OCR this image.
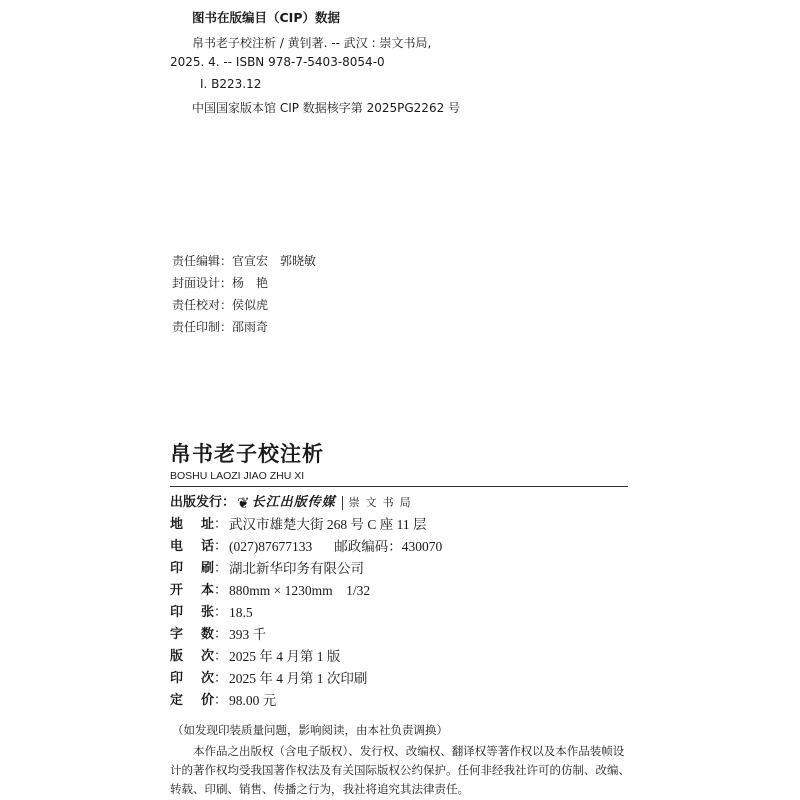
图书在版编目（CIP）数据
帛书老子校注析 / 黄钊著. -- 武汉 : 崇文书局,
2025. 4. -- ISBN 978-7-5403-8054-0
Ⅰ. B223.12
中国国家版本馆 CIP 数据核字第 2025PG2262 号
责任编辑：官宣宏　郭晓敏
封面设计：杨　艳
责任校对：侯似虎
责任印制：邵雨奇
帛书老子校注析
BOSHU LAOZI JIAO ZHU XI
出版发行： ❦ 长江出版传媒 崇文书局
地 址 ： 武汉市雄楚大街 268 号 C 座 11 层
电 话 ： (027)87677133 邮政编码： 430070
印 刷 ： 湖北新华印务有限公司
开 本 ： 880mm × 1230mm　1/32
印 张 ： 18.5
字 数 ： 393 千
版 次 ： 2025 年 4 月第 1 版
印 次 ： 2025 年 4 月第 1 次印刷
定 价 ： 98.00 元
（如发现印装质量问题，影响阅读，由本社负责调换）
本作品之出版权（含电子版权）、发行权、改编权、翻译权等著作权以及本作品装帧设计的著作权均受我国著作权法及有关国际版权公约保护。任何非经我社许可的仿制、改编、转载、印刷、销售、传播之行为，我社将追究其法律责任。
